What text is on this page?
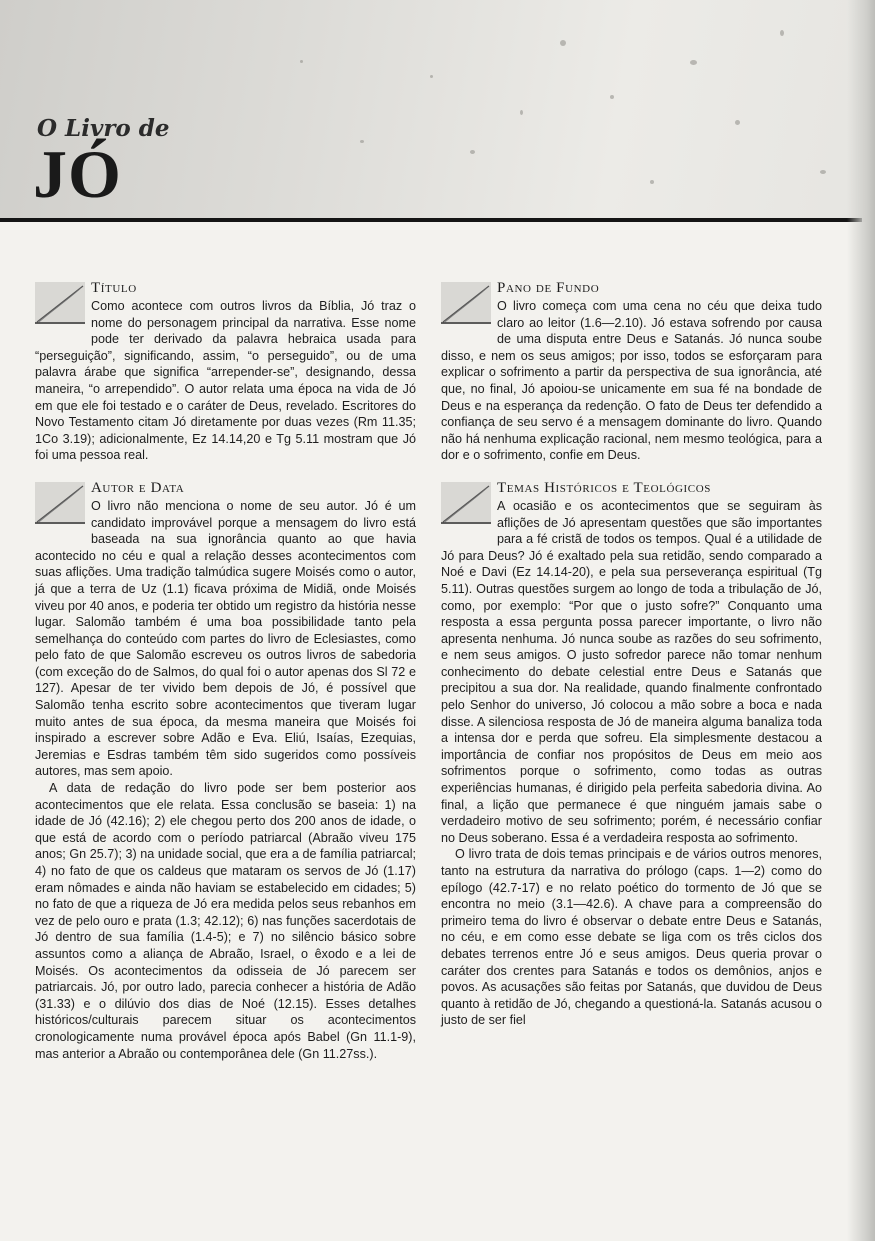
O Livro de
JÓ
Título

Como acontece com outros livros da Bíblia, Jó traz o nome do personagem principal da narrativa. Esse nome pode ter derivado da palavra hebraica usada para “perseguição”, significando, assim, “o perseguido”, ou de uma palavra árabe que significa “arrepender-se”, designando, dessa maneira, “o arrependido”. O autor relata uma época na vida de Jó em que ele foi testado e o caráter de Deus, revelado. Escritores do Novo Testamento citam Jó diretamente por duas vezes (Rm 11.35; 1Co 3.19); adicionalmente, Ez 14.14,20 e Tg 5.11 mostram que Jó foi uma pessoa real.

Autor e Data

O livro não menciona o nome de seu autor. Jó é um candidato improvável porque a mensagem do livro está baseada na sua ignorância quanto ao que havia acontecido no céu e qual a relação desses acontecimentos com suas aflições. Uma tradição talmúdica sugere Moisés como o autor, já que a terra de Uz (1.1) ficava próxima de Midiã, onde Moisés viveu por 40 anos, e poderia ter obtido um registro da história nesse lugar. Salomão também é uma boa possibilidade tanto pela semelhança do conteúdo com partes do livro de Eclesiastes, como pelo fato de que Salomão escreveu os outros livros de sabedoria (com exceção do de Salmos, do qual foi o autor apenas dos Sl 72 e 127). Apesar de ter vivido bem depois de Jó, é possível que Salomão tenha escrito sobre acontecimentos que tiveram lugar muito antes de sua época, da mesma maneira que Moisés foi inspirado a escrever sobre Adão e Eva. Eliú, Isaías, Ezequias, Jeremias e Esdras também têm sido sugeridos como possíveis autores, mas sem apoio.

A data de redação do livro pode ser bem posterior aos acontecimentos que ele relata. Essa conclusão se baseia: 1) na idade de Jó (42.16); 2) ele chegou perto dos 200 anos de idade, o que está de acordo com o período patriarcal (Abraão viveu 175 anos; Gn 25.7); 3) na unidade social, que era a de família patriarcal; 4) no fato de que os caldeus que mataram os servos de Jó (1.17) eram nômades e ainda não haviam se estabelecido em cidades; 5) no fato de que a riqueza de Jó era medida pelos seus rebanhos em vez de pelo ouro e prata (1.3; 42.12); 6) nas funções sacerdotais de Jó dentro de sua família (1.4-5); e 7) no silêncio básico sobre assuntos como a aliança de Abraão, Israel, o êxodo e a lei de Moisés. Os acontecimentos da odisseia de Jó parecem ser patriarcais. Jó, por outro lado, parecia conhecer a história de Adão (31.33) e o dilúvio dos dias de Noé (12.15). Esses detalhes históricos/culturais parecem situar os acontecimentos cronologicamente numa provável época após Babel (Gn 11.1-9), mas anterior a Abraão ou contemporânea dele (Gn 11.27ss.).

Pano de Fundo

O livro começa com uma cena no céu que deixa tudo claro ao leitor (1.6—2.10). Jó estava sofrendo por causa de uma disputa entre Deus e Satanás. Jó nunca soube disso, e nem os seus amigos; por isso, todos se esforçaram para explicar o sofrimento a partir da perspectiva de sua ignorância, até que, no final, Jó apoiou-se unicamente em sua fé na bondade de Deus e na esperança da redenção. O fato de Deus ter defendido a confiança de seu servo é a mensagem dominante do livro. Quando não há nenhuma explicação racional, nem mesmo teológica, para a dor e o sofrimento, confie em Deus.

Temas Históricos e Teológicos

A ocasião e os acontecimentos que se seguiram às aflições de Jó apresentam questões que são importantes para a fé cristã de todos os tempos. Qual é a utilidade de Jó para Deus? Jó é exaltado pela sua retidão, sendo comparado a Noé e Davi (Ez 14.14-20), e pela sua perseverança espiritual (Tg 5.11). Outras questões surgem ao longo de toda a tribulação de Jó, como, por exemplo: “Por que o justo sofre?” Conquanto uma resposta a essa pergunta possa parecer importante, o livro não apresenta nenhuma. Jó nunca soube as razões do seu sofrimento, e nem seus amigos. O justo sofredor parece não tomar nenhum conhecimento do debate celestial entre Deus e Satanás que precipitou a sua dor. Na realidade, quando finalmente confrontado pelo Senhor do universo, Jó colocou a mão sobre a boca e nada disse. A silenciosa resposta de Jó de maneira alguma banaliza toda a intensa dor e perda que sofreu. Ela simplesmente destacou a importância de confiar nos propósitos de Deus em meio aos sofrimentos porque o sofrimento, como todas as outras experiências humanas, é dirigido pela perfeita sabedoria divina. Ao final, a lição que permanece é que ninguém jamais sabe o verdadeiro motivo de seu sofrimento; porém, é necessário confiar no Deus soberano. Essa é a verdadeira resposta ao sofrimento.

O livro trata de dois temas principais e de vários outros menores, tanto na estrutura da narrativa do prólogo (caps. 1—2) como do epílogo (42.7-17) e no relato poético do tormento de Jó que se encontra no meio (3.1—42.6). A chave para a compreensão do primeiro tema do livro é observar o debate entre Deus e Satanás, no céu, e em como esse debate se liga com os três ciclos dos debates terrenos entre Jó e seus amigos. Deus queria provar o caráter dos crentes para Satanás e todos os demônios, anjos e povos. As acusações são feitas por Satanás, que duvidou de Deus quanto à retidão de Jó, chegando a questioná-la. Satanás acusou o justo de ser fiel
